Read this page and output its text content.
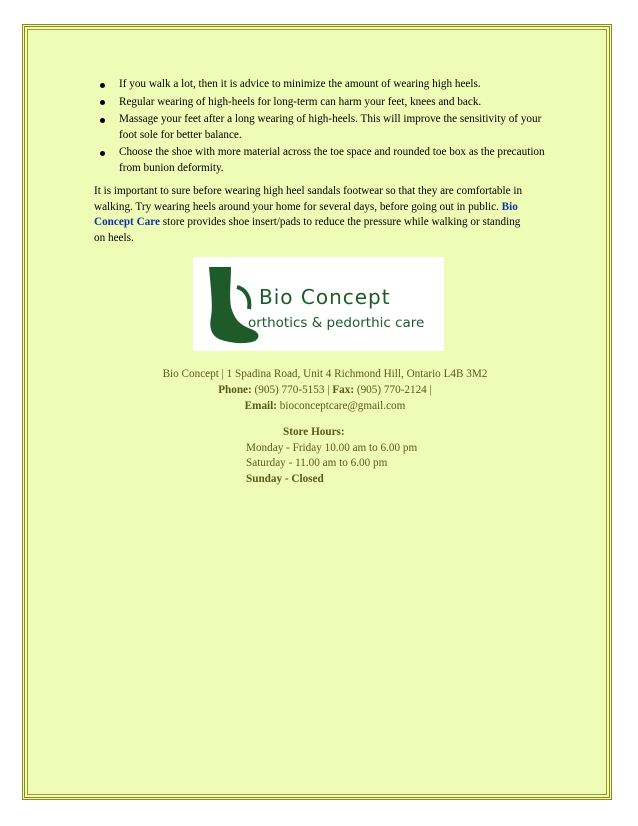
If you walk a lot, then it is advice to minimize the amount of wearing high heels.
Regular wearing of high-heels for long-term can harm your feet, knees and back.
Massage your feet after a long wearing of high-heels. This will improve the sensitivity of your foot sole for better balance.
Choose the shoe with more material across the toe space and rounded toe box as the precaution from bunion deformity.

It is important to sure before wearing high heel sandals footwear so that they are comfortable in walking. Try wearing heels around your home for several days, before going out in public. Bio Concept Care store provides shoe insert/pads to reduce the pressure while walking or standing on heels.

Bio Concept
orthotics & pedorthic care
Bio Concept | 1 Spadina Road, Unit 4 Richmond Hill, Ontario L4B 3M2
Phone: (905) 770-5153 | Fax: (905) 770-2124 |
Email: bioconceptcare@gmail.com
Store Hours:
Monday - Friday 10.00 am to 6.00 pm
Saturday - 11.00 am to 6.00 pm
Sunday - Closed
